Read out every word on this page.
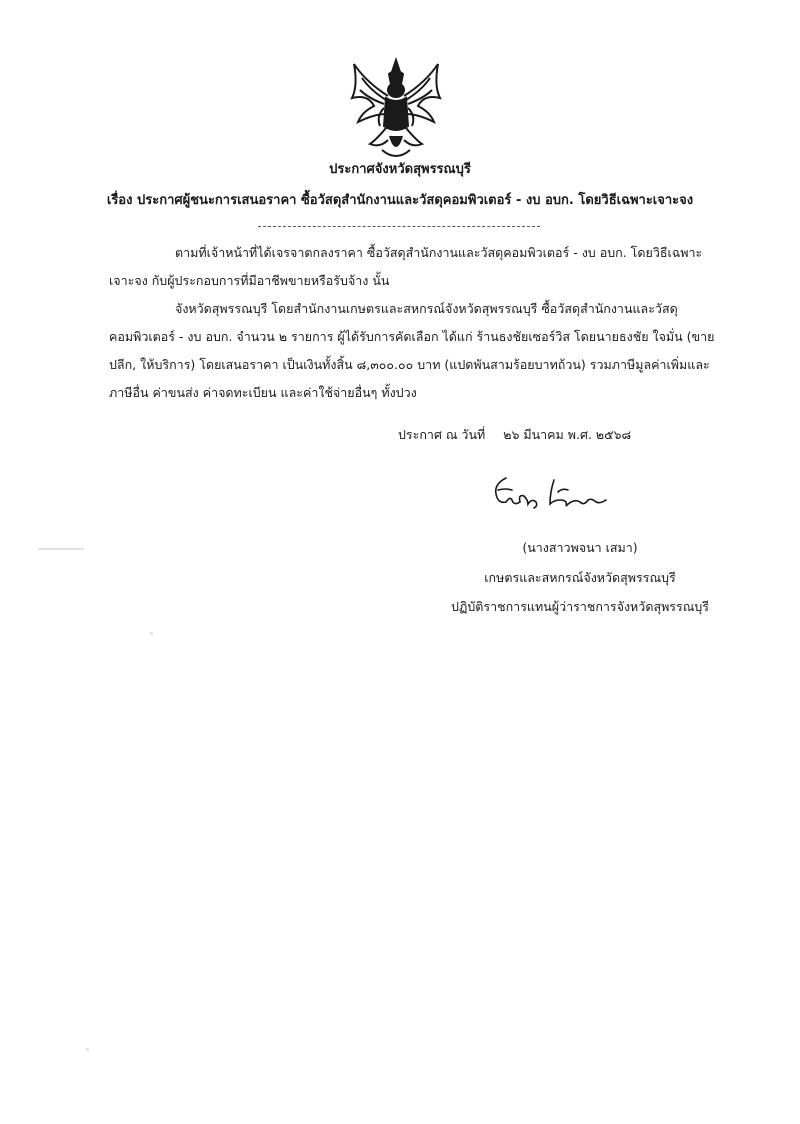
ประกาศจังหวัดสุพรรณบุรี
เรื่อง ประกาศผู้ชนะการเสนอราคา ซื้อวัสดุสำนักงานและวัสดุคอมพิวเตอร์ - งบ อบก. โดยวิธีเฉพาะเจาะจง
ตามที่เจ้าหน้าที่ได้เจรจาตกลงราคา ซื้อวัสดุสำนักงานและวัสดุคอมพิวเตอร์ - งบ อบก. โดยวิธีเฉพาะ
เจาะจง กับผู้ประกอบการที่มีอาชีพขายหรือรับจ้าง นั้น
จังหวัดสุพรรณบุรี โดยสำนักงานเกษตรและสหกรณ์จังหวัดสุพรรณบุรี ซื้อวัสดุสำนักงานและวัสดุ
คอมพิวเตอร์ - งบ อบก. จำนวน ๒ รายการ ผู้ได้รับการคัดเลือก ได้แก่ ร้านธงชัยเซอร์วิส โดยนายธงชัย ใจมั่น (ขาย
ปลีก, ให้บริการ) โดยเสนอราคา เป็นเงินทั้งสิ้น ๘,๓๐๐.๐๐ บาท (แปดพันสามร้อยบาทถ้วน) รวมภาษีมูลค่าเพิ่มและ
ภาษีอื่น ค่าขนส่ง ค่าจดทะเบียน และค่าใช้จ่ายอื่นๆ ทั้งปวง
ประกาศ ณ วันที่ ๒๖ มีนาคม พ.ศ. ๒๕๖๘
(นางสาวพจนา เสมา)
เกษตรและสหกรณ์จังหวัดสุพรรณบุรี
ปฏิบัติราชการแทนผู้ว่าราชการจังหวัดสุพรรณบุรี
